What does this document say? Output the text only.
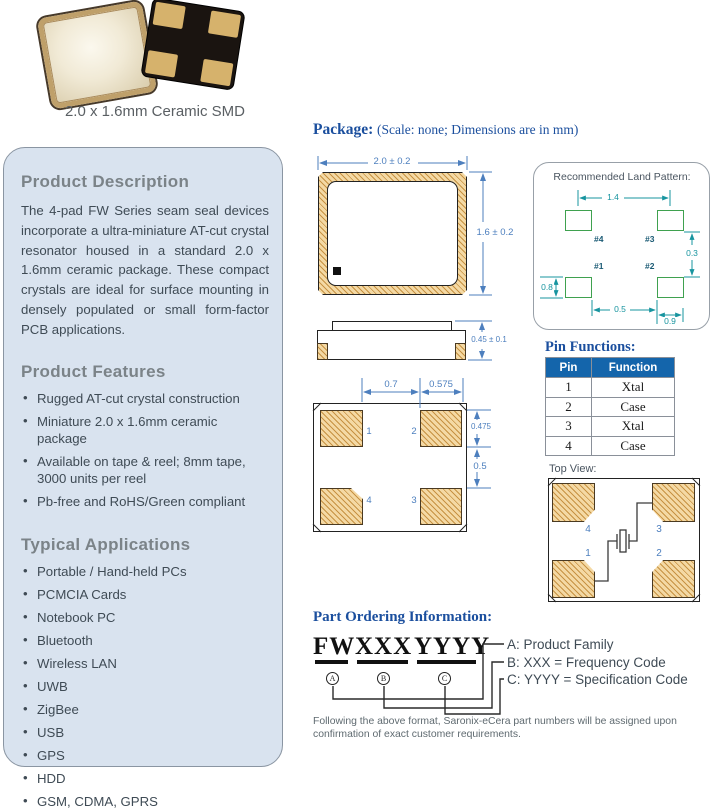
2.0 x 1.6mm Ceramic SMD
Product Description

The 4-pad FW Series seam seal devices incorporate a ultra-miniature AT-cut crystal resonator housed in a standard 2.0 x 1.6mm ceramic package. These compact crystals are ideal for surface mounting in densely populated or small form-factor PCB applications.

Product Features
• Rugged AT-cut crystal construction
• Miniature 2.0 x 1.6mm ceramic package
• Available on tape & reel; 8mm tape, 3000 units per reel
• Pb-free and RoHS/Green compliant
Typical Applications
• Portable / Hand-held PCs
• PCMCIA Cards
• Notebook PC
• Bluetooth
• Wireless LAN
• UWB
• ZigBee
• USB
• GPS
• HDD
• GSM, CDMA, GPRS
Package: (Scale: none; Dimensions are in mm)
1	2
4	3
Recommended Land Pattern:
#4	#3
#1	#2
Pin Functions:
Pin	Function
1	Xtal
2	Case
3	Xtal
4	Case
Top View:
4	3
1	2
Part Ordering Information:
FW XXX YYYY
A	B	C
A: Product Family
B: XXX = Frequency Code
C: YYYY = Specification Code
Following the above format, Saronix-eCera part numbers will be assigned upon
confirmation of exact customer requirements.
2.0 ± 0.2
1.6 ± 0.2
0.45 ± 0.1
0.7	0.575
0.475
0.5
1.4
0.3
0.8
0.5
0.9
